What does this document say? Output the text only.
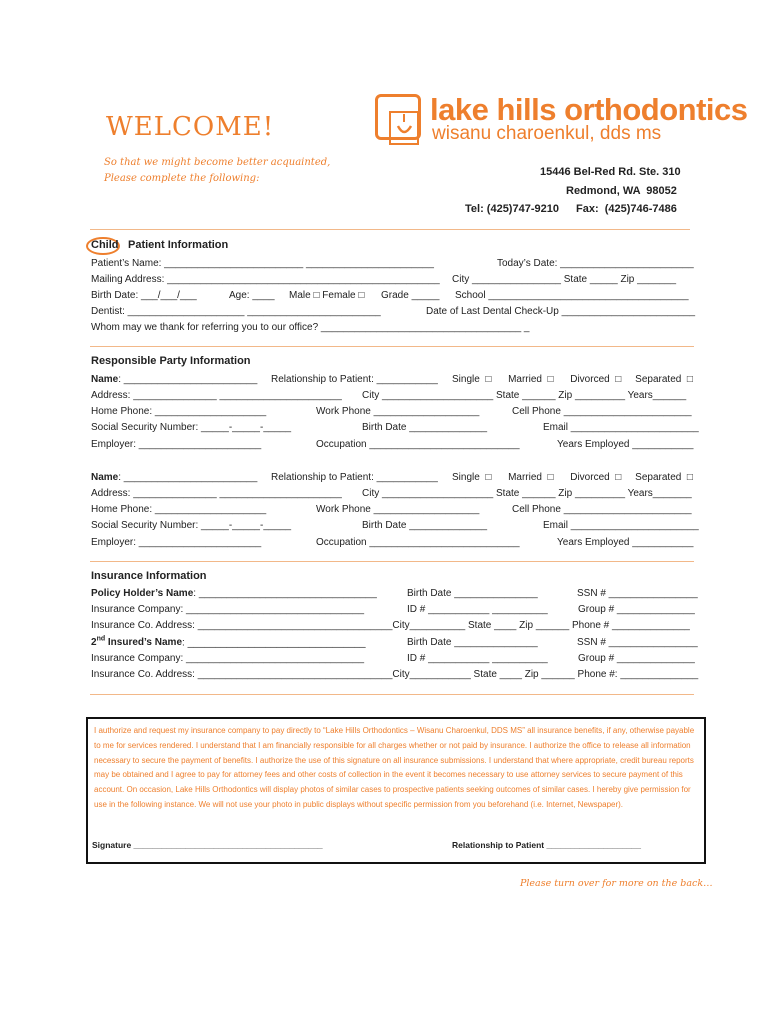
WELCOME!
So that we might become better acquainted,
Please complete the following:

lake hills orthodontics
wisanu charoenkul, dds ms
15446 Bel-Red Rd. Ste. 310
Redmond, WA  98052
Tel: (425)747-9210 Fax:  (425)746-7486
Child Patient Information
Patient’s Name: _________________________ _______________________	Today’s Date: ________________________
Mailing Address: _________________________________________________ City ________________ State _____ Zip _______
Birth Date: ___/___/___	Age: ____ Male □ Female □ Grade _____ School ____________________________________
Dentist: _____________________ ________________________	Date of Last Dental Check-Up ________________________
Whom may we thank for referring you to our office? ____________________________________ _
Responsible Party Information
Name: ________________________ Relationship to Patient: ___________ Single  □      Married  □      Divorced  □     Separated  □
Address: _______________ ______________________ City ____________________ State ______ Zip _________ Years______
Home Phone: ____________________	Work Phone ___________________	Cell Phone _______________________
Social Security Number: _____-_____-_____	Birth Date ______________	Email _______________________
Employer: ______________________	Occupation ___________________________	Years Employed ___________
Name: ________________________ Relationship to Patient: ___________ Single  □      Married  □      Divorced  □     Separated  □
Address: _______________ ______________________ City ____________________ State ______ Zip _________ Years_______
Home Phone: ____________________	Work Phone ___________________	Cell Phone _______________________
Social Security Number: _____-_____-_____	Birth Date ______________	Email _______________________
Employer: ______________________	Occupation ___________________________	Years Employed ___________
Insurance Information
Policy Holder’s Name: ________________________________	Birth Date _______________	SSN # ________________
Insurance Company: ________________________________	ID # ___________ __________	Group # ______________
Insurance Co. Address: ___________________________________City__________ State ____ Zip ______ Phone # ______________
2nd Insured’s Name: ________________________________	Birth Date _______________	SSN # ________________
Insurance Company: ________________________________	ID # ___________ __________	Group # ______________
Insurance Co. Address: ___________________________________City___________ State ____ Zip ______ Phone #: ______________
I authorize and request my insurance company to pay directly to “Lake Hills Orthodontics – Wisanu Charoenkul, DDS MS” all insurance benefits, if any, otherwise payable to me for services rendered. I understand that I am financially responsible for all charges whether or not paid by insurance. I authorize the office to release all information necessary to secure the payment of benefits. I authorize the use of this signature on all insurance submissions. I understand that where appropriate, credit bureau reports may be obtained and I agree to pay for attorney fees and other costs of collection in the event it becomes necessary to use attorney services to secure payment of this account. On occasion, Lake Hills Orthodontics will display photos of similar cases to prospective patients seeking outcomes of similar cases. I hereby give permission for use in the following instance. We will not use your photo in public displays without specific permission from you beforehand (i.e. Internet, Newspaper).
Signature ________________________________________	Relationship to Patient ____________________
Please turn over for more on the back…
